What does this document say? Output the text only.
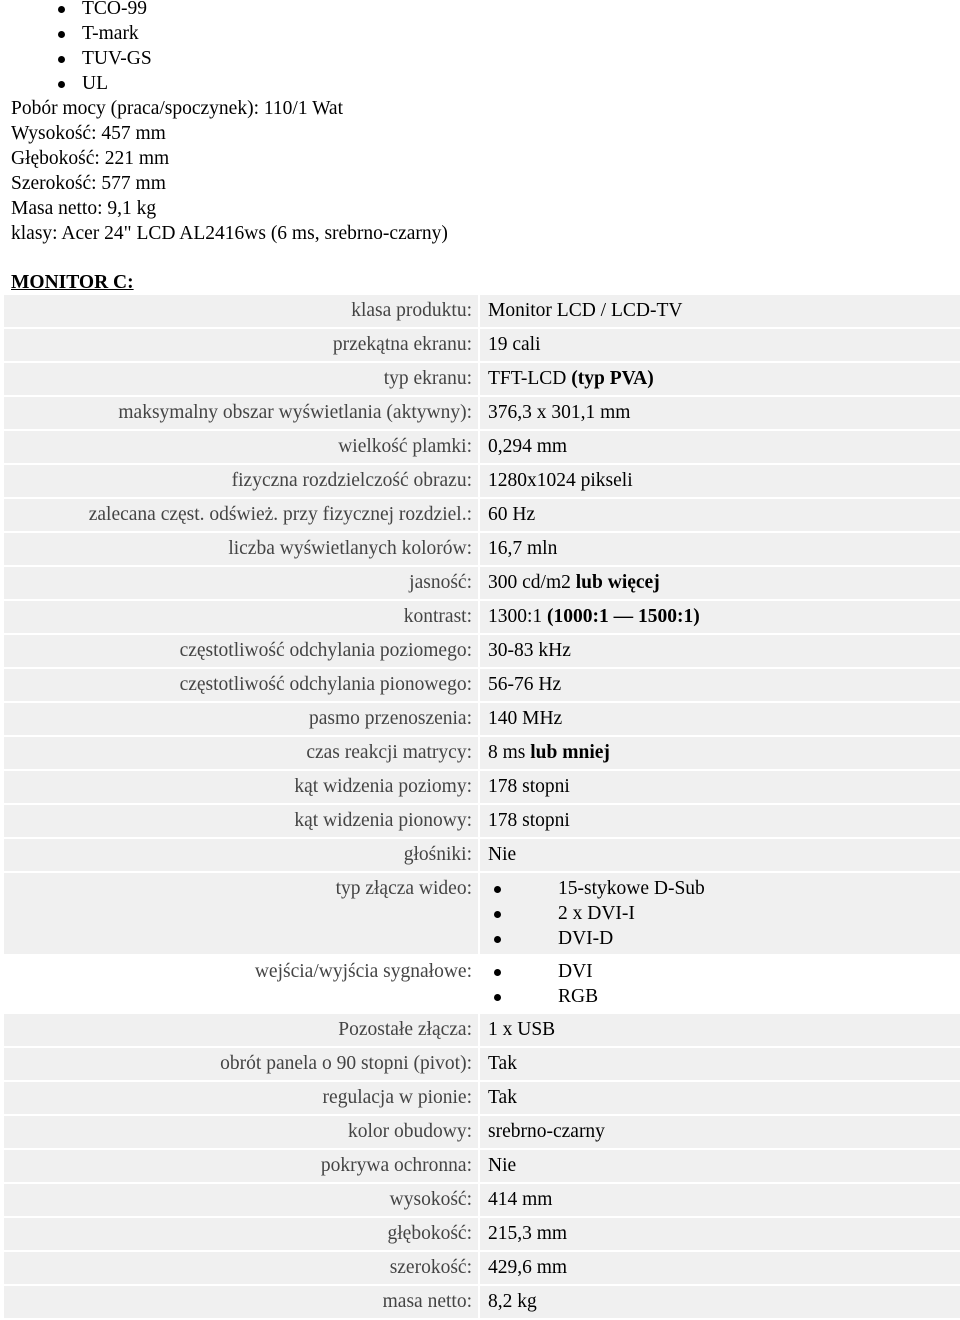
TCO-99
T-mark
TUV-GS
UL
Pobór mocy (praca/spoczynek): 110/1 Wat
Wysokość: 457 mm
Głębokość: 221 mm
Szerokość: 577 mm
Masa netto: 9,1 kg
klasy: Acer 24" LCD AL2416ws (6 ms, srebrno-czarny)
MONITOR C:
klasa produktu: Monitor LCD / LCD-TV
przekątna ekranu: 19 cali
typ ekranu: TFT-LCD (typ PVA)
maksymalny obszar wyświetlania (aktywny): 376,3 x 301,1 mm
wielkość plamki: 0,294 mm
fizyczna rozdzielczość obrazu: 1280x1024 pikseli
zalecana częst. odśwież. przy fizycznej rozdziel.: 60 Hz
liczba wyświetlanych kolorów: 16,7 mln
jasność: 300 cd/m2 lub więcej
kontrast: 1300:1 (1000:1 — 1500:1)
częstotliwość odchylania poziomego: 30-83 kHz
częstotliwość odchylania pionowego: 56-76 Hz
pasmo przenoszenia: 140 MHz
czas reakcji matrycy: 8 ms lub mniej
kąt widzenia poziomy: 178 stopni
kąt widzenia pionowy: 178 stopni
głośniki: Nie
typ złącza wideo:	15-stykowe D-Sub
2 x DVI-I
DVI-D
wejścia/wyjścia sygnałowe:	DVI
RGB
Pozostałe złącza: 1 x USB
obrót panela o 90 stopni (pivot): Tak
regulacja w pionie: Tak
kolor obudowy: srebrno-czarny
pokrywa ochronna: Nie
wysokość: 414 mm
głębokość: 215,3 mm
szerokość: 429,6 mm
masa netto: 8,2 kg
